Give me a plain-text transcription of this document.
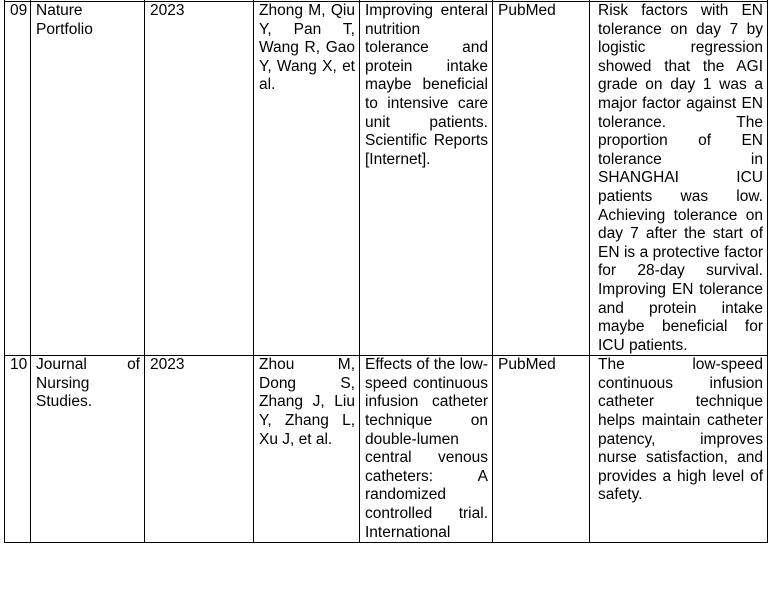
09	Nature Portfolio	2023	Zhong M, Qiu Y, Pan T, Wang R, Gao Y, Wang X, et al.	Improving enteral nutrition tolerance and protein intake maybe beneficial to intensive care unit patients. Scientific Reports [Internet].	PubMed	Risk factors with EN tolerance on day 7 by logistic regression showed that the AGI grade on day 1 was a major factor against EN tolerance. The proportion of EN tolerance in SHANGHAI ICU patients was low. Achieving tolerance on day 7 after the start of EN is a protective factor for 28-day survival. Improving EN tolerance and protein intake maybe beneficial for ICU patients.
10	Journal of Nursing Studies.	2023	Zhou M, Dong S, Zhang J, Liu Y, Zhang L, Xu J, et al.	Effects of the low-speed continuous infusion catheter technique on double-lumen central venous catheters: A randomized controlled trial. International	PubMed	The low-speed continuous infusion catheter technique helps maintain catheter patency, improves nurse satisfaction, and provides a high level of safety.
